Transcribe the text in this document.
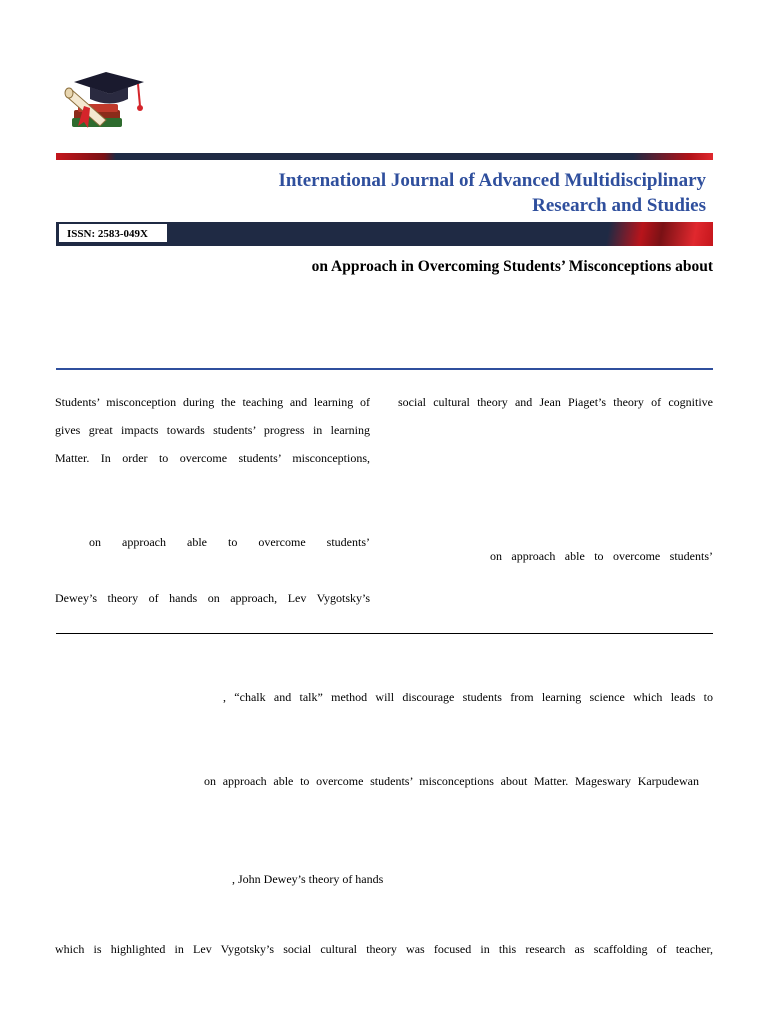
International Journal of Advanced Multidisciplinary
Research and Studies
ISSN: 2583-049X
on Approach in Overcoming Students’ Misconceptions about
Students’ misconception during the teaching and learning of
gives great impacts towards students’ progress in learning
Matter. In order to overcome students’ misconceptions,
on approach able to overcome students’
Dewey’s theory of hands on approach, Lev Vygotsky’s
social cultural theory and Jean Piaget’s theory of cognitive
on approach able to overcome students’
, “chalk and talk” method will discourage students from learning science which leads to
on approach able to overcome students’ misconceptions about Matter. Mageswary Karpudewan
, John Dewey’s theory of hands
which is highlighted in Lev Vygotsky’s social cultural theory was focused in this research as scaffolding of teacher,
